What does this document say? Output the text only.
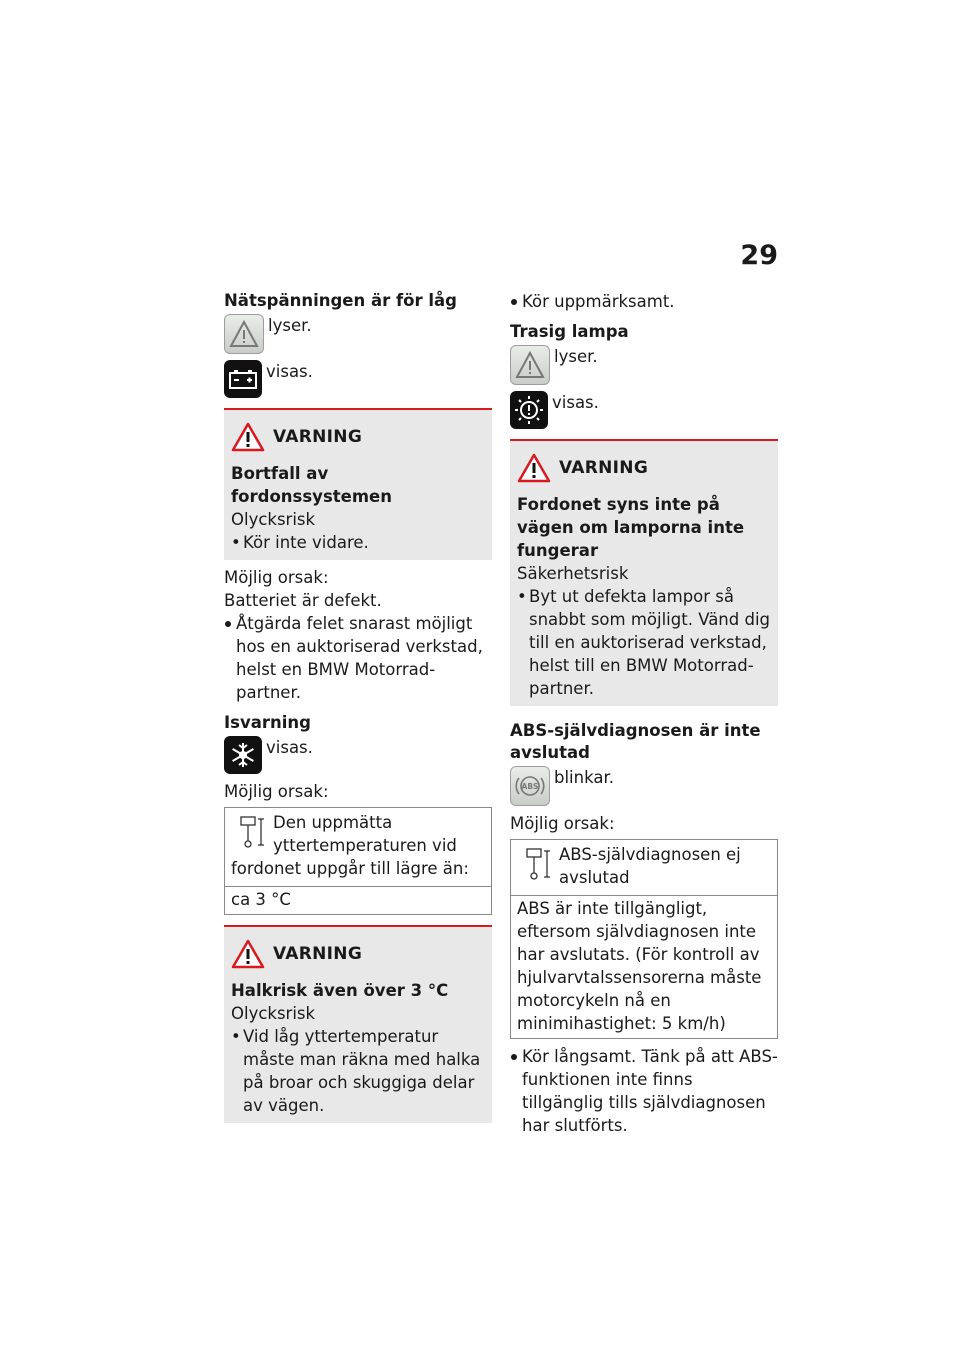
29
Nätspänningen är för låg
lyser.
visas.
VARNING

Bortfall av fordonssystemen

Olycksrisk

• Kör inte vidare.

Möjlig orsak:

Batteriet är defekt.

Åtgärda felet snarast möjligt hos en auktoriserad verkstad, helst en BMW Motorrad-partner.

Isvarning
visas.

Möjlig orsak:

Den uppmätta yttertemperaturen vid fordonet uppgår till lägre än:
ca 3 °C
VARNING

Halkrisk även över 3 °C

Olycksrisk

• Vid låg yttertemperatur måste man räkna med halka på broar och skuggiga delar av vägen.

Kör uppmärksamt.

Trasig lampa
lyser.
visas.
VARNING

Fordonet syns inte på vägen om lamporna inte fungerar

Säkerhetsrisk

• Byt ut defekta lampor så snabbt som möjligt. Vänd dig till en auktoriserad verkstad, helst till en BMW Motorrad-partner.

ABS-självdiagnosen är inte avslutad
ABS blinkar.

Möjlig orsak:

ABS-självdiagnosen ej avslutad
ABS är inte tillgängligt, eftersom självdiagnosen inte har avslutats. (För kontroll av hjulvarvtalssensorerna måste motorcykeln nå en minimihastighet: 5 km/h)

Kör långsamt. Tänk på att ABS-funktionen inte finns tillgänglig tills självdiagnosen har slutförts.
